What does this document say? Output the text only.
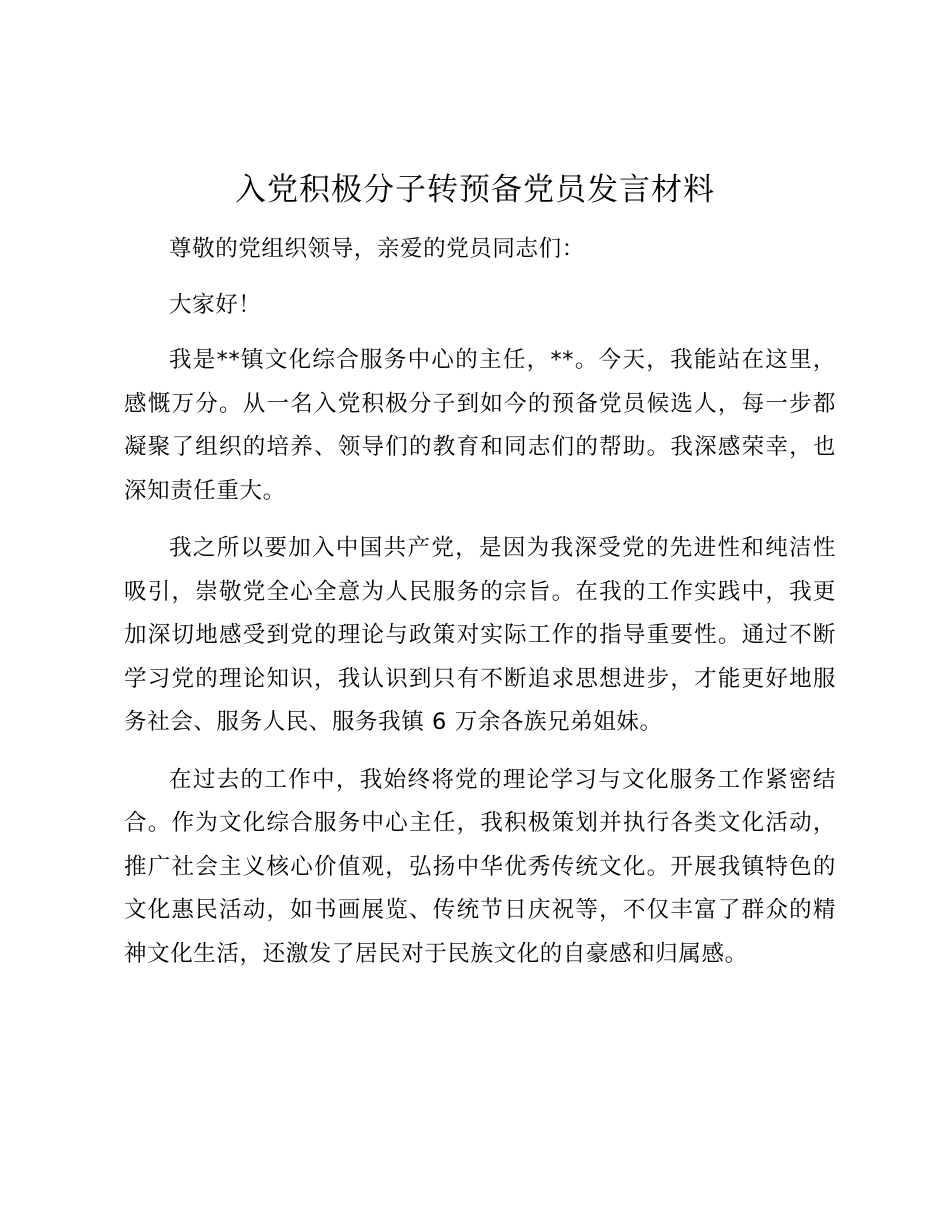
入党积极分子转预备党员发言材料

尊敬的党组织领导，亲爱的党员同志们：

大家好！

我是**镇文化综合服务中心的主任，**。今天，我能站在这里，感慨万分。从一名入党积极分子到如今的预备党员候选人，每一步都凝聚了组织的培养、领导们的教育和同志们的帮助。我深感荣幸，也深知责任重大。

我之所以要加入中国共产党，是因为我深受党的先进性和纯洁性吸引，崇敬党全心全意为人民服务的宗旨。在我的工作实践中，我更加深切地感受到党的理论与政策对实际工作的指导重要性。通过不断学习党的理论知识，我认识到只有不断追求思想进步，才能更好地服务社会、服务人民、服务我镇 6 万余各族兄弟姐妹。

在过去的工作中，我始终将党的理论学习与文化服务工作紧密结合。作为文化综合服务中心主任，我积极策划并执行各类文化活动，推广社会主义核心价值观，弘扬中华优秀传统文化。开展我镇特色的文化惠民活动，如书画展览、传统节日庆祝等，不仅丰富了群众的精神文化生活，还激发了居民对于民族文化的自豪感和归属感。
